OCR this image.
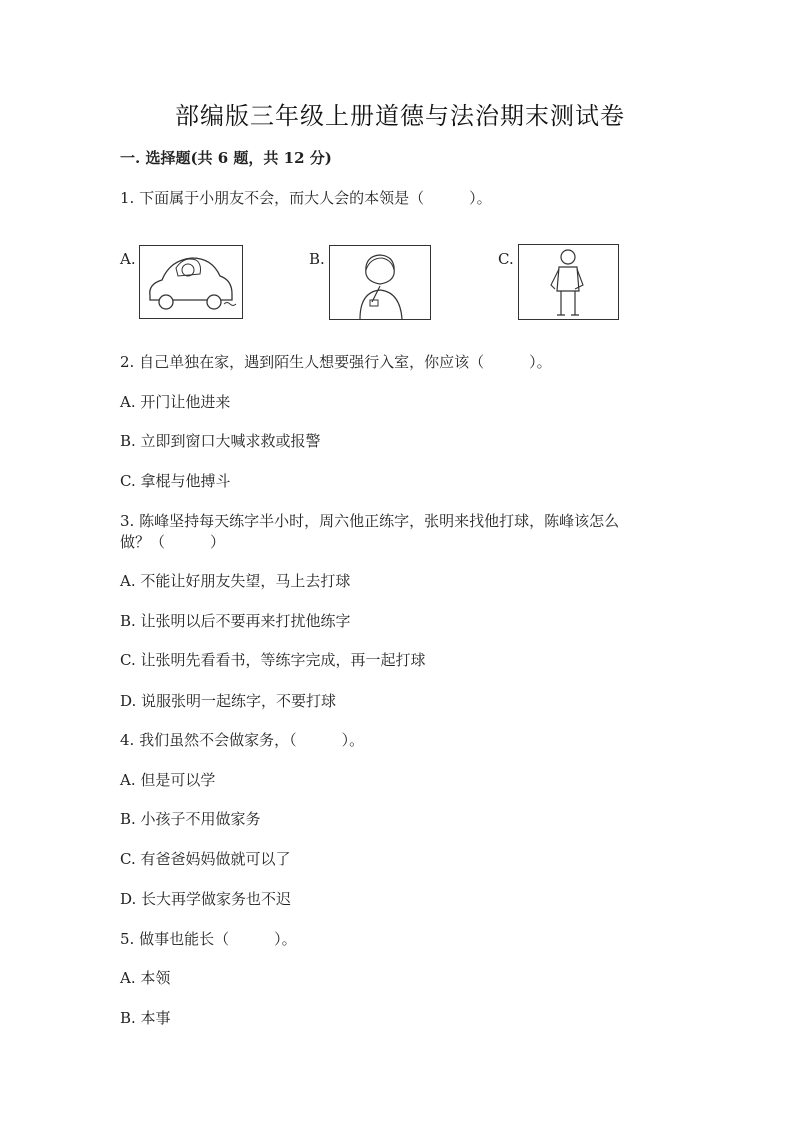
部编版三年级上册道德与法治期末测试卷
一. 选择题(共 6 题，共 12 分)
1. 下面属于小朋友不会，而大人会的本领是（　　　）。
A.	B.	C.
2. 自己单独在家，遇到陌生人想要强行入室，你应该（　　　）。
A. 开门让他进来
B. 立即到窗口大喊求救或报警
C. 拿棍与他搏斗
3. 陈峰坚持每天练字半小时，周六他正练字，张明来找他打球，陈峰该怎么
做？（　　　）
A. 不能让好朋友失望，马上去打球
B. 让张明以后不要再来打扰他练字
C. 让张明先看看书，等练字完成，再一起打球
D. 说服张明一起练字，不要打球
4. 我们虽然不会做家务，（　　　）。
A. 但是可以学
B. 小孩子不用做家务
C. 有爸爸妈妈做就可以了
D. 长大再学做家务也不迟
5. 做事也能长（　　　）。
A. 本领
B. 本事
